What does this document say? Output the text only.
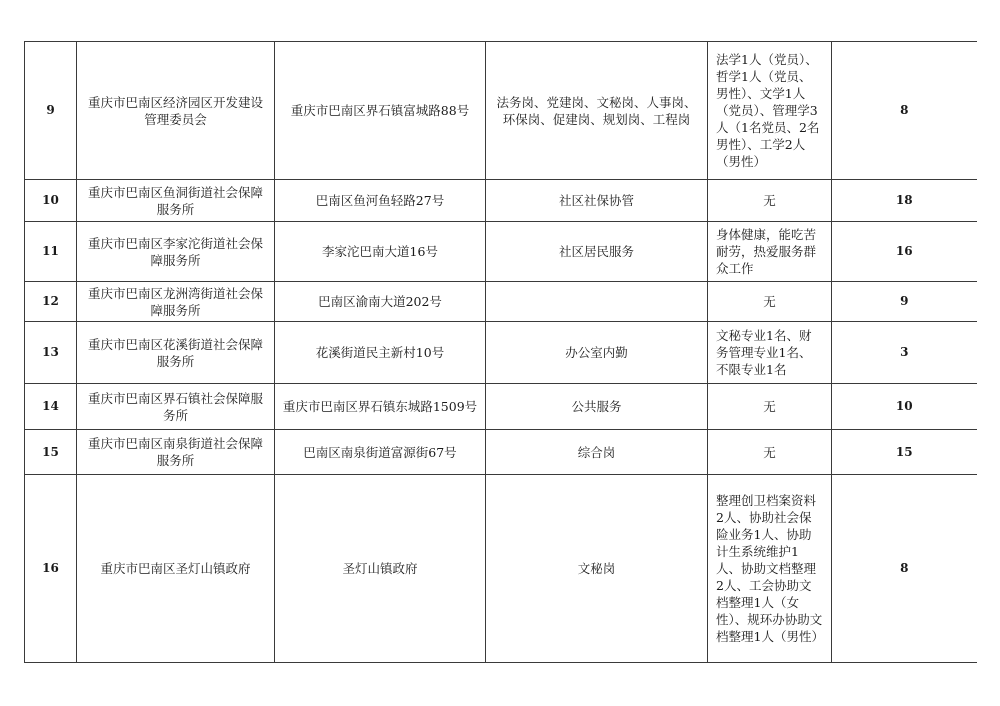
9	重庆市巴南区经济园区开发建设管理委员会	重庆市巴南区界石镇富城路88号	法务岗、党建岗、文秘岗、人事岗、环保岗、促建岗、规划岗、工程岗	法学1人（党员）、哲学1人（党员、男性）、文学1人（党员）、管理学3人（1名党员、2名男性）、工学2人（男性）	8
10	重庆市巴南区鱼洞街道社会保障服务所	巴南区鱼河鱼轻路27号	社区社保协管	无	18
11	重庆市巴南区李家沱街道社会保障服务所	李家沱巴南大道16号	社区居民服务	身体健康，能吃苦耐劳，热爱服务群众工作	16
12	重庆市巴南区龙洲湾街道社会保障服务所	巴南区渝南大道202号		无	9
13	重庆市巴南区花溪街道社会保障服务所	花溪街道民主新村10号	办公室内勤	文秘专业1名、财务管理专业1名、不限专业1名	3
14	重庆市巴南区界石镇社会保障服务所	重庆市巴南区界石镇东城路1509号	公共服务	无	10
15	重庆市巴南区南泉街道社会保障服务所	巴南区南泉街道富源街67号	综合岗	无	15
16	重庆市巴南区圣灯山镇政府	圣灯山镇政府	文秘岗	整理创卫档案资料2人、协助社会保险业务1人、协助计生系统维护1人、协助文档整理2人、工会协助文档整理1人（女性）、规环办协助文档整理1人（男性）	8
